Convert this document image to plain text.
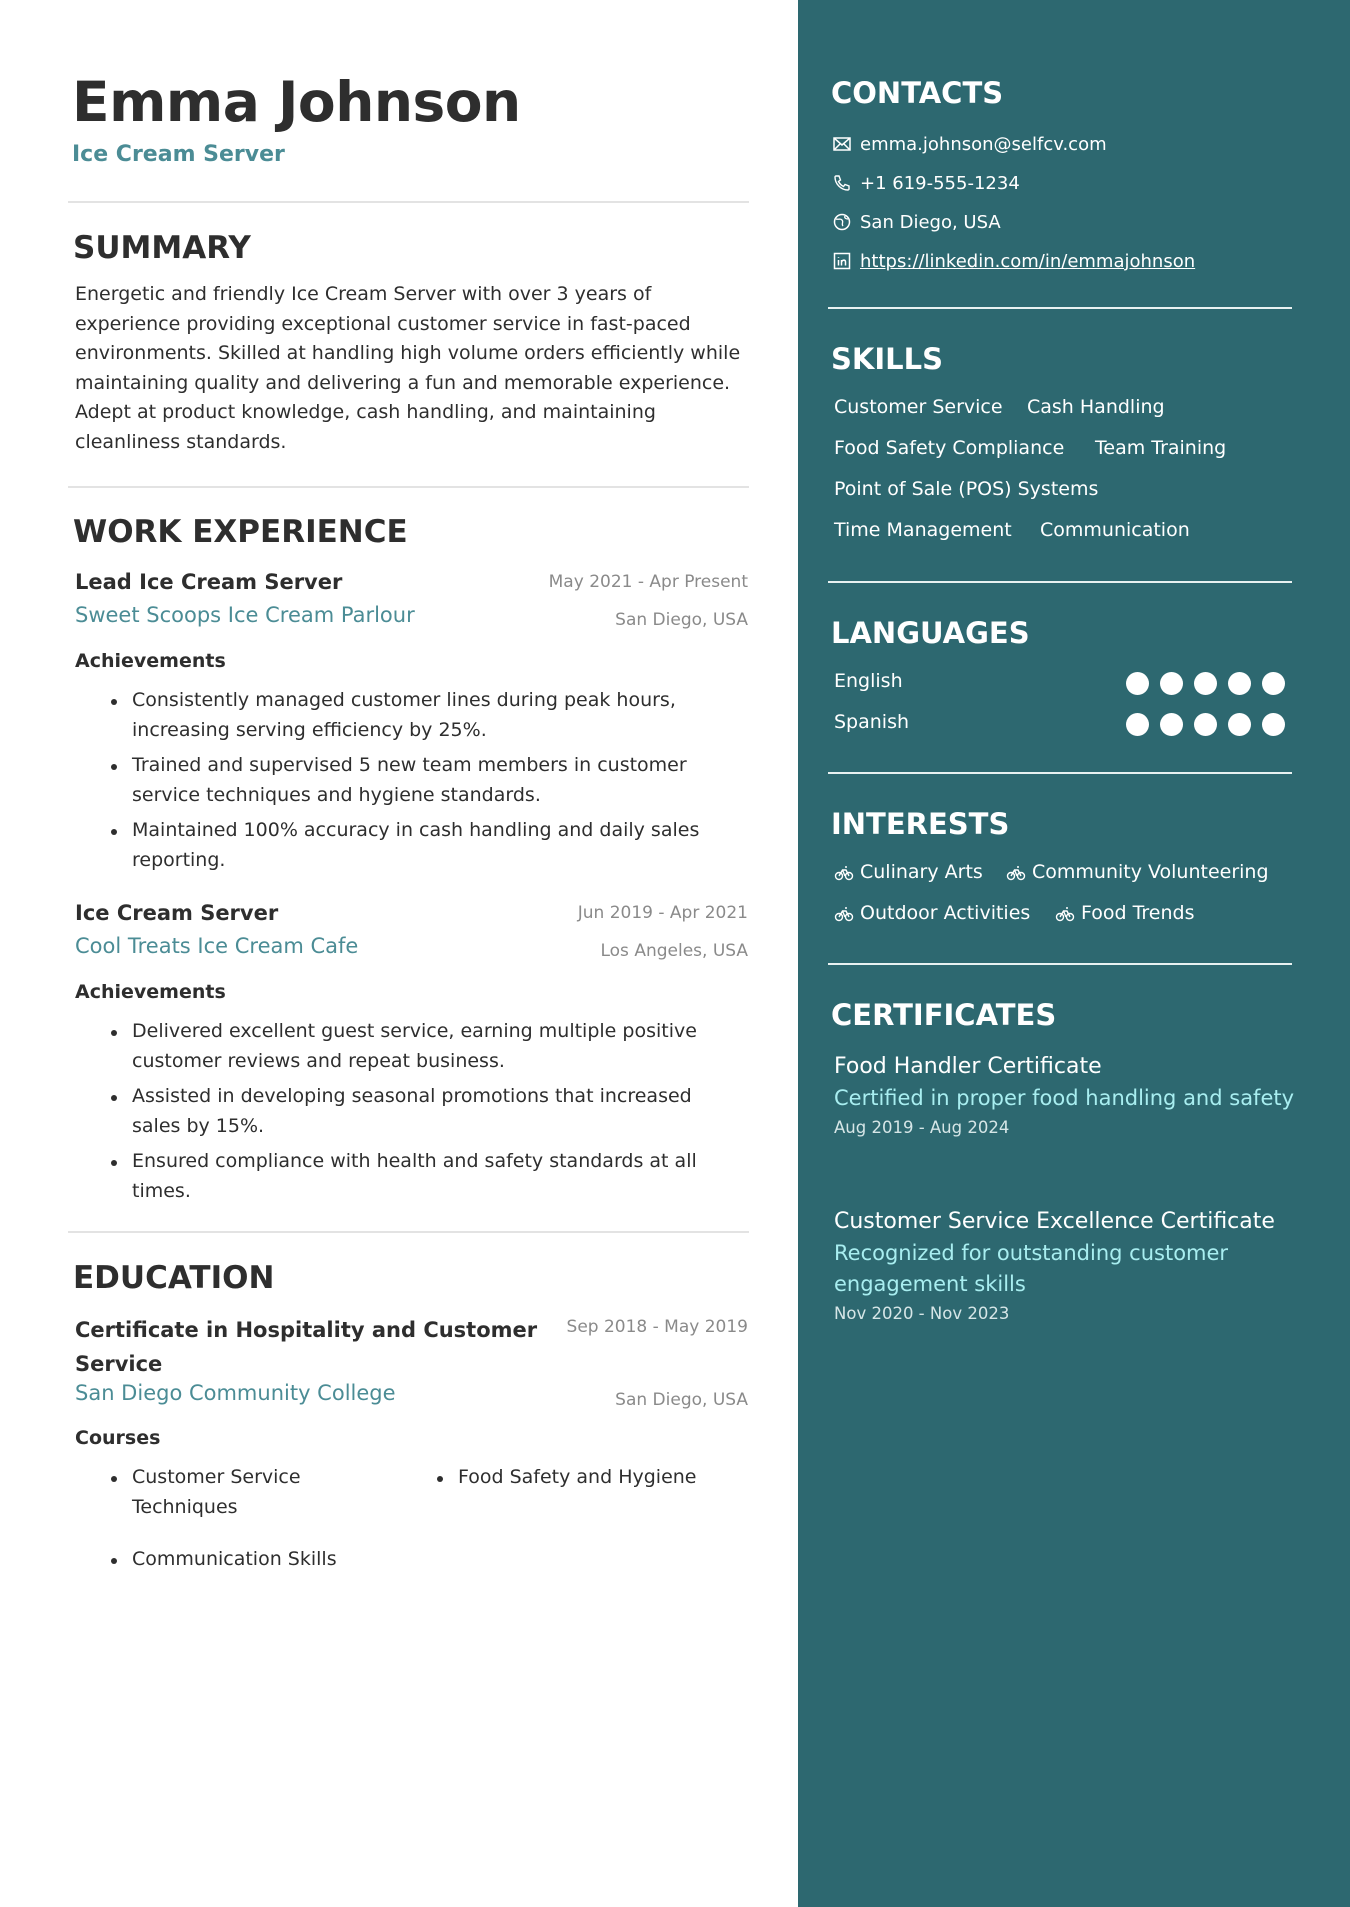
Emma Johnson
Ice Cream Server
SUMMARY
Energetic and friendly Ice Cream Server with over 3 years of experience providing exceptional customer service in fast-paced environments. Skilled at handling high volume orders efficiently while maintaining quality and delivering a fun and memorable experience. Adept at product knowledge, cash handling, and maintaining cleanliness standards.
WORK EXPERIENCE
Lead Ice Cream Server	May 2021 - Apr Present
Sweet Scoops Ice Cream Parlour	San Diego, USA
Achievements
Consistently managed customer lines during peak hours, increasing serving efficiency by 25%.
Trained and supervised 5 new team members in customer service techniques and hygiene standards.
Maintained 100% accuracy in cash handling and daily sales reporting.
Ice Cream Server	Jun 2019 - Apr 2021
Cool Treats Ice Cream Cafe	Los Angeles, USA
Achievements
Delivered excellent guest service, earning multiple positive customer reviews and repeat business.
Assisted in developing seasonal promotions that increased sales by 15%.
Ensured compliance with health and safety standards at all times.
EDUCATION
Certificate in Hospitality and Customer Service
Sep 2018 - May 2019
San Diego Community College	San Diego, USA
Courses
Customer Service Techniques
Food Safety and Hygiene
Communication Skills
CONTACTS
emma.johnson@selfcv.com
+1 619-555-1234
San Diego, USA
https://linkedin.com/in/emmajohnson
SKILLS
Customer Service Cash Handling
Food Safety Compliance Team Training
Point of Sale (POS) Systems
Time Management Communication
LANGUAGES
English
Spanish
INTERESTS
Culinary Arts	Community Volunteering
Outdoor Activities	Food Trends
CERTIFICATES
Food Handler Certificate
Certified in proper food handling and safety
Aug 2019 - Aug 2024
Customer Service Excellence Certificate
Recognized for outstanding customer engagement skills
Nov 2020 - Nov 2023
